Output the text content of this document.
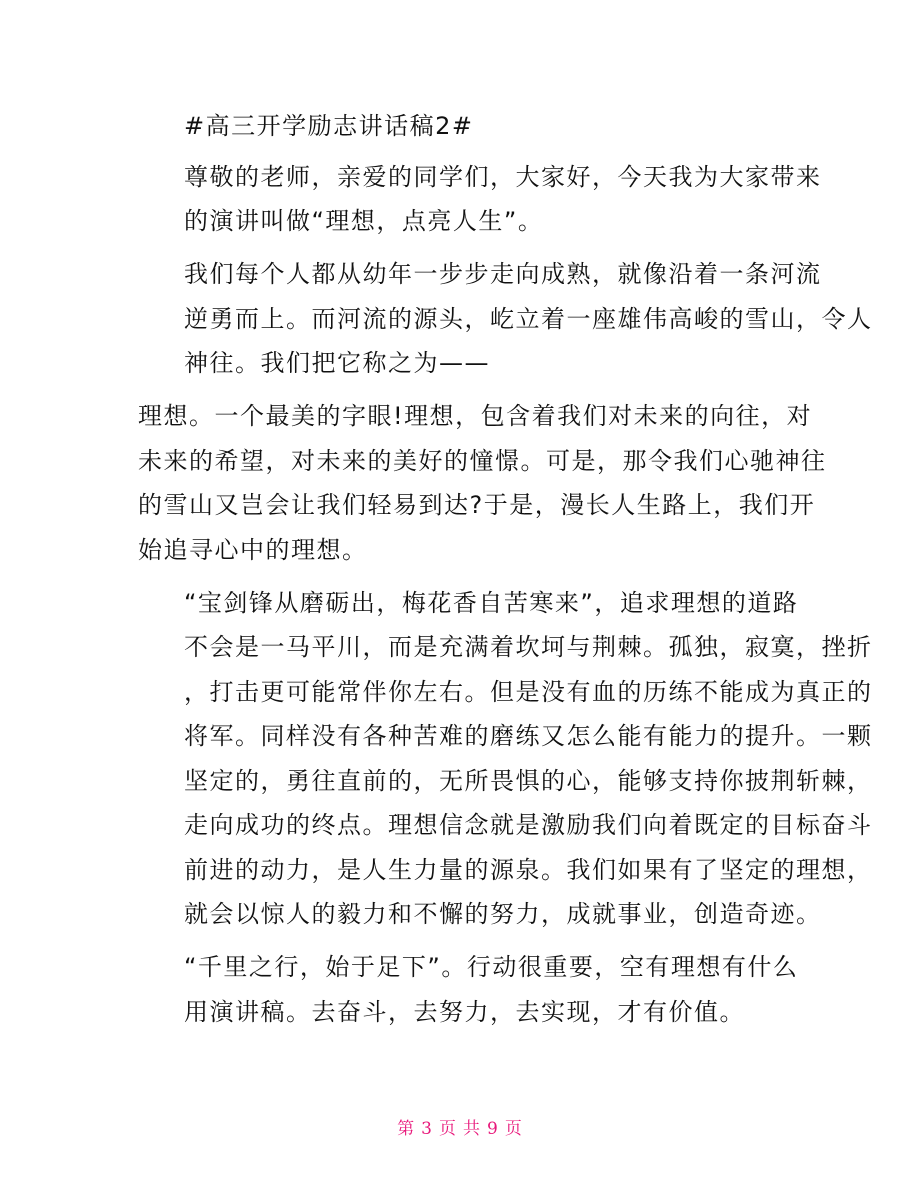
#高三开学励志讲话稿2#

尊敬的老师，亲爱的同学们，大家好，今天我为大家带来
的演讲叫做“理想，点亮人生”。

我们每个人都从幼年一步步走向成熟，就像沿着一条河流
逆勇而上。而河流的源头，屹立着一座雄伟高峻的雪山，令人
神往。我们把它称之为——

理想。一个最美的字眼!理想，包含着我们对未来的向往，对
未来的希望，对未来的美好的憧憬。可是，那令我们心驰神往
的雪山又岂会让我们轻易到达?于是，漫长人生路上，我们开
始追寻心中的理想。

“宝剑锋从磨砺出，梅花香自苦寒来”，追求理想的道路
不会是一马平川，而是充满着坎坷与荆棘。孤独，寂寞，挫折
，打击更可能常伴你左右。但是没有血的历练不能成为真正的
将军。同样没有各种苦难的磨练又怎么能有能力的提升。一颗
坚定的，勇往直前的，无所畏惧的心，能够支持你披荆斩棘，
走向成功的终点。理想信念就是激励我们向着既定的目标奋斗
前进的动力，是人生力量的源泉。我们如果有了坚定的理想，
就会以惊人的毅力和不懈的努力，成就事业，创造奇迹。

“千里之行，始于足下”。行动很重要，空有理想有什么
用演讲稿。去奋斗，去努力，去实现，才有价值。

第 3 页 共 9 页
